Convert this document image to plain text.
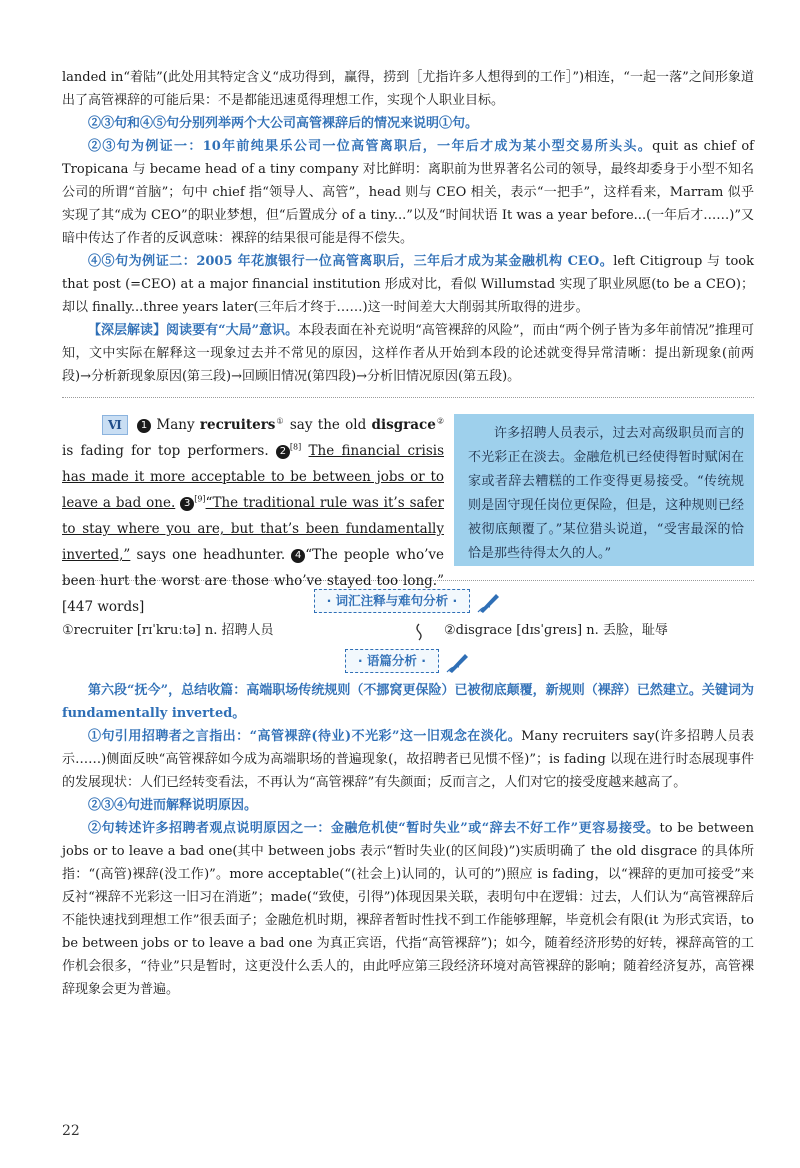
landed in“着陆”(此处用其特定含义“成功得到，赢得，捞到［尤指许多人想得到的工作］”)相连，“一起一落”之间形象道出了高管裸辞的可能后果：不是都能迅速觅得理想工作，实现个人职业目标。

②③句和④⑤句分别列举两个大公司高管裸辞后的情况来说明①句。

②③句为例证一：10年前纯果乐公司一位高管离职后，一年后才成为某小型交易所头头。quit as chief of Tropicana 与 became head of a tiny company 对比鲜明：离职前为世界著名公司的领导，最终却委身于小型不知名公司的所谓“首脑”；句中 chief 指“领导人、高管”，head 则与 CEO 相关，表示“一把手”，这样看来，Marram 似乎实现了其“成为 CEO”的职业梦想，但“后置成分 of a tiny...”以及“时间状语 It was a year before...(一年后才……)”又暗中传达了作者的反讽意味：裸辞的结果很可能是得不偿失。

④⑤句为例证二：2005 年花旗银行一位高管离职后，三年后才成为某金融机构 CEO。left Citigroup 与 took that post (=CEO) at a major financial institution 形成对比，看似 Willumstad 实现了职业夙愿(to be a CEO)；却以 finally...three years later(三年后才终于……)这一时间差大大削弱其所取得的进步。

【深层解读】阅读要有“大局”意识。本段表面在补充说明“高管裸辞的风险”，而由“两个例子皆为多年前情况”推理可知，文中实际在解释这一现象过去并不常见的原因，这样作者从开始到本段的论述就变得异常清晰：提出新现象(前两段)→分析新现象原因(第三段)→回顾旧情况(第四段)→分析旧情况原因(第五段)。

Ⅵ 1 Many recruiters① say the old disgrace② is fading for top performers. 2 [8] The financial crisis has made it more acceptable to be between jobs or to leave a bad one. 3 [9]“The traditional rule was it’s safer to stay where you are, but that’s been fundamentally inverted,” says one headhunter. 4 “The people who’ve been hurt the worst are those who’ve stayed too long.” [447 words]
许多招聘人员表示，过去对高级职员而言的不光彩正在淡去。金融危机已经使得暂时赋闲在家或者辞去糟糕的工作变得更易接受。“传统规则是固守现任岗位更保险，但是，这种规则已经被彻底颠覆了。”某位猎头说道，“受害最深的恰恰是那些待得太久的人。”
· 词汇注释与难句分析 ·
①recruiter [rɪˈkruːtə] n. 招聘人员	②disgrace [dɪsˈɡreɪs] n. 丢脸，耻辱
· 语篇分析 ·

第六段“抚今”，总结收篇：高端职场传统规则（不挪窝更保险）已被彻底颠覆，新规则（裸辞）已然建立。关键词为 fundamentally inverted。

①句引用招聘者之言指出：“高管裸辞(待业)不光彩”这一旧观念在淡化。Many recruiters say(许多招聘人员表示……)侧面反映“高管裸辞如今成为高端职场的普遍现象(，故招聘者已见惯不怪)”；is fading 以现在进行时态展现事件的发展现状：人们已经转变看法，不再认为“高管裸辞”有失颜面；反而言之，人们对它的接受度越来越高了。

②③④句进而解释说明原因。

②句转述许多招聘者观点说明原因之一：金融危机使“暂时失业”或“辞去不好工作”更容易接受。to be between jobs or to leave a bad one(其中 between jobs 表示“暂时失业(的区间段)”)实质明确了 the old disgrace 的具体所指：“(高管)裸辞(没工作)”。more acceptable(“(社会上)认同的，认可的”)照应 is fading，以“裸辞的更加可接受”来反衬“裸辞不光彩这一旧习在消逝”；made(“致使，引得”)体现因果关联，表明句中在逻辑：过去，人们认为“高管裸辞后不能快速找到理想工作”很丢面子；金融危机时期，裸辞者暂时性找不到工作能够理解，毕竟机会有限(it 为形式宾语，to be between jobs or to leave a bad one 为真正宾语，代指“高管裸辞”)；如今，随着经济形势的好转，裸辞高管的工作机会很多，“待业”只是暂时，这更没什么丢人的，由此呼应第三段经济环境对高管裸辞的影响；随着经济复苏，高管裸辞现象会更为普遍。

22
